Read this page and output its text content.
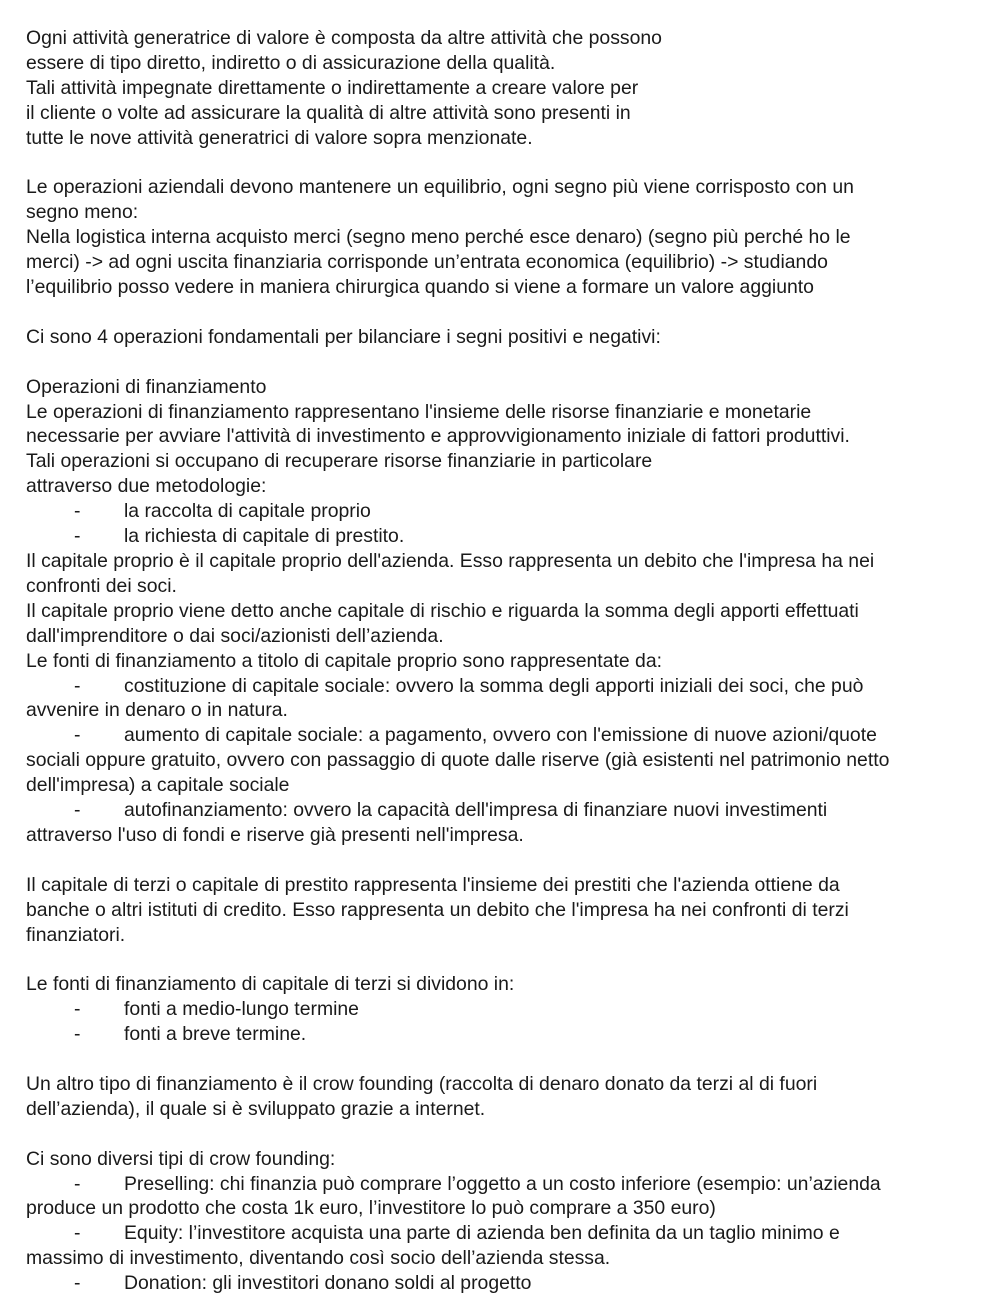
Ogni attività generatrice di valore è composta da altre attività che possono
essere di tipo diretto, indiretto o di assicurazione della qualità.
Tali attività impegnate direttamente o indirettamente a creare valore per
il cliente o volte ad assicurare la qualità di altre attività sono presenti in
tutte le nove attività generatrici di valore sopra menzionate.
Le operazioni aziendali devono mantenere un equilibrio, ogni segno più viene corrisposto con un
segno meno:
Nella logistica interna acquisto merci (segno meno perché esce denaro) (segno più perché ho le
merci) -> ad ogni uscita finanziaria corrisponde un’entrata economica (equilibrio) -> studiando
l’equilibrio posso vedere in maniera chirurgica quando si viene a formare un valore aggiunto
Ci sono 4 operazioni fondamentali per bilanciare i segni positivi e negativi:
Operazioni di finanziamento
Le operazioni di finanziamento rappresentano l'insieme delle risorse finanziarie e monetarie
necessarie per avviare l'attività di investimento e approvvigionamento iniziale di fattori produttivi.
Tali operazioni si occupano di recuperare risorse finanziarie in particolare
attraverso due metodologie:
- la raccolta di capitale proprio
- la richiesta di capitale di prestito.
Il capitale proprio è il capitale proprio dell'azienda. Esso rappresenta un debito che l'impresa ha nei
confronti dei soci.
Il capitale proprio viene detto anche capitale di rischio e riguarda la somma degli apporti effettuati
dall'imprenditore o dai soci/azionisti dell’azienda.
Le fonti di finanziamento a titolo di capitale proprio sono rappresentate da:
- costituzione di capitale sociale: ovvero la somma degli apporti iniziali dei soci, che può
avvenire in denaro o in natura.
- aumento di capitale sociale: a pagamento, ovvero con l'emissione di nuove azioni/quote
sociali oppure gratuito, ovvero con passaggio di quote dalle riserve (già esistenti nel patrimonio netto
dell'impresa) a capitale sociale
- autofinanziamento: ovvero la capacità dell'impresa di finanziare nuovi investimenti
attraverso l'uso di fondi e riserve già presenti nell'impresa.
Il capitale di terzi o capitale di prestito rappresenta l'insieme dei prestiti che l'azienda ottiene da
banche o altri istituti di credito. Esso rappresenta un debito che l'impresa ha nei confronti di terzi
finanziatori.
Le fonti di finanziamento di capitale di terzi si dividono in:
- fonti a medio-lungo termine
- fonti a breve termine.
Un altro tipo di finanziamento è il crow founding (raccolta di denaro donato da terzi al di fuori
dell’azienda), il quale si è sviluppato grazie a internet.
Ci sono diversi tipi di crow founding:
- Preselling: chi finanzia può comprare l’oggetto a un costo inferiore (esempio: un’azienda
produce un prodotto che costa 1k euro, l’investitore lo può comprare a 350 euro)
- Equity: l’investitore acquista una parte di azienda ben definita da un taglio minimo e
massimo di investimento, diventando così socio dell’azienda stessa.
- Donation: gli investitori donano soldi al progetto
